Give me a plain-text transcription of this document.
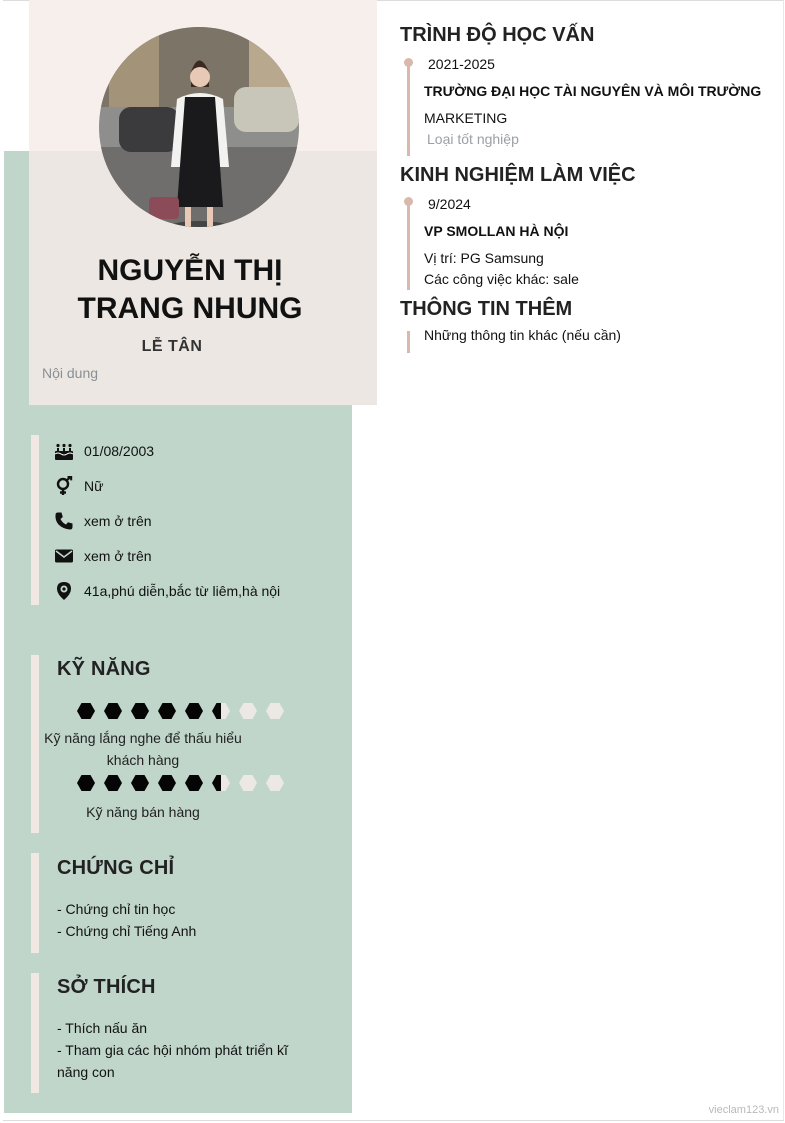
NGUYỄN THỊ
TRANG NHUNG
LỄ TÂN
Nội dung
01/08/2003
Nữ
xem ở trên
xem ở trên
41a,phú diễn,bắc từ liêm,hà nội
KỸ NĂNG
Kỹ năng lắng nghe để thấu hiểu
khách hàng
Kỹ năng bán hàng
CHỨNG CHỈ
- Chứng chỉ tin học
- Chứng chỉ Tiếng Anh
SỞ THÍCH
- Thích nấu ăn
- Tham gia các hội nhóm phát triển kĩ
năng con
TRÌNH ĐỘ HỌC VẤN
2021-2025
TRƯỜNG ĐẠI HỌC TÀI NGUYÊN VÀ MÔI TRƯỜNG
MARKETING
Loại tốt nghiệp
KINH NGHIỆM LÀM VIỆC
9/2024
VP SMOLLAN HÀ NỘI
Vị trí: PG Samsung
Các công việc khác: sale
THÔNG TIN THÊM
Những thông tin khác (nếu cần)
vieclam123.vn
